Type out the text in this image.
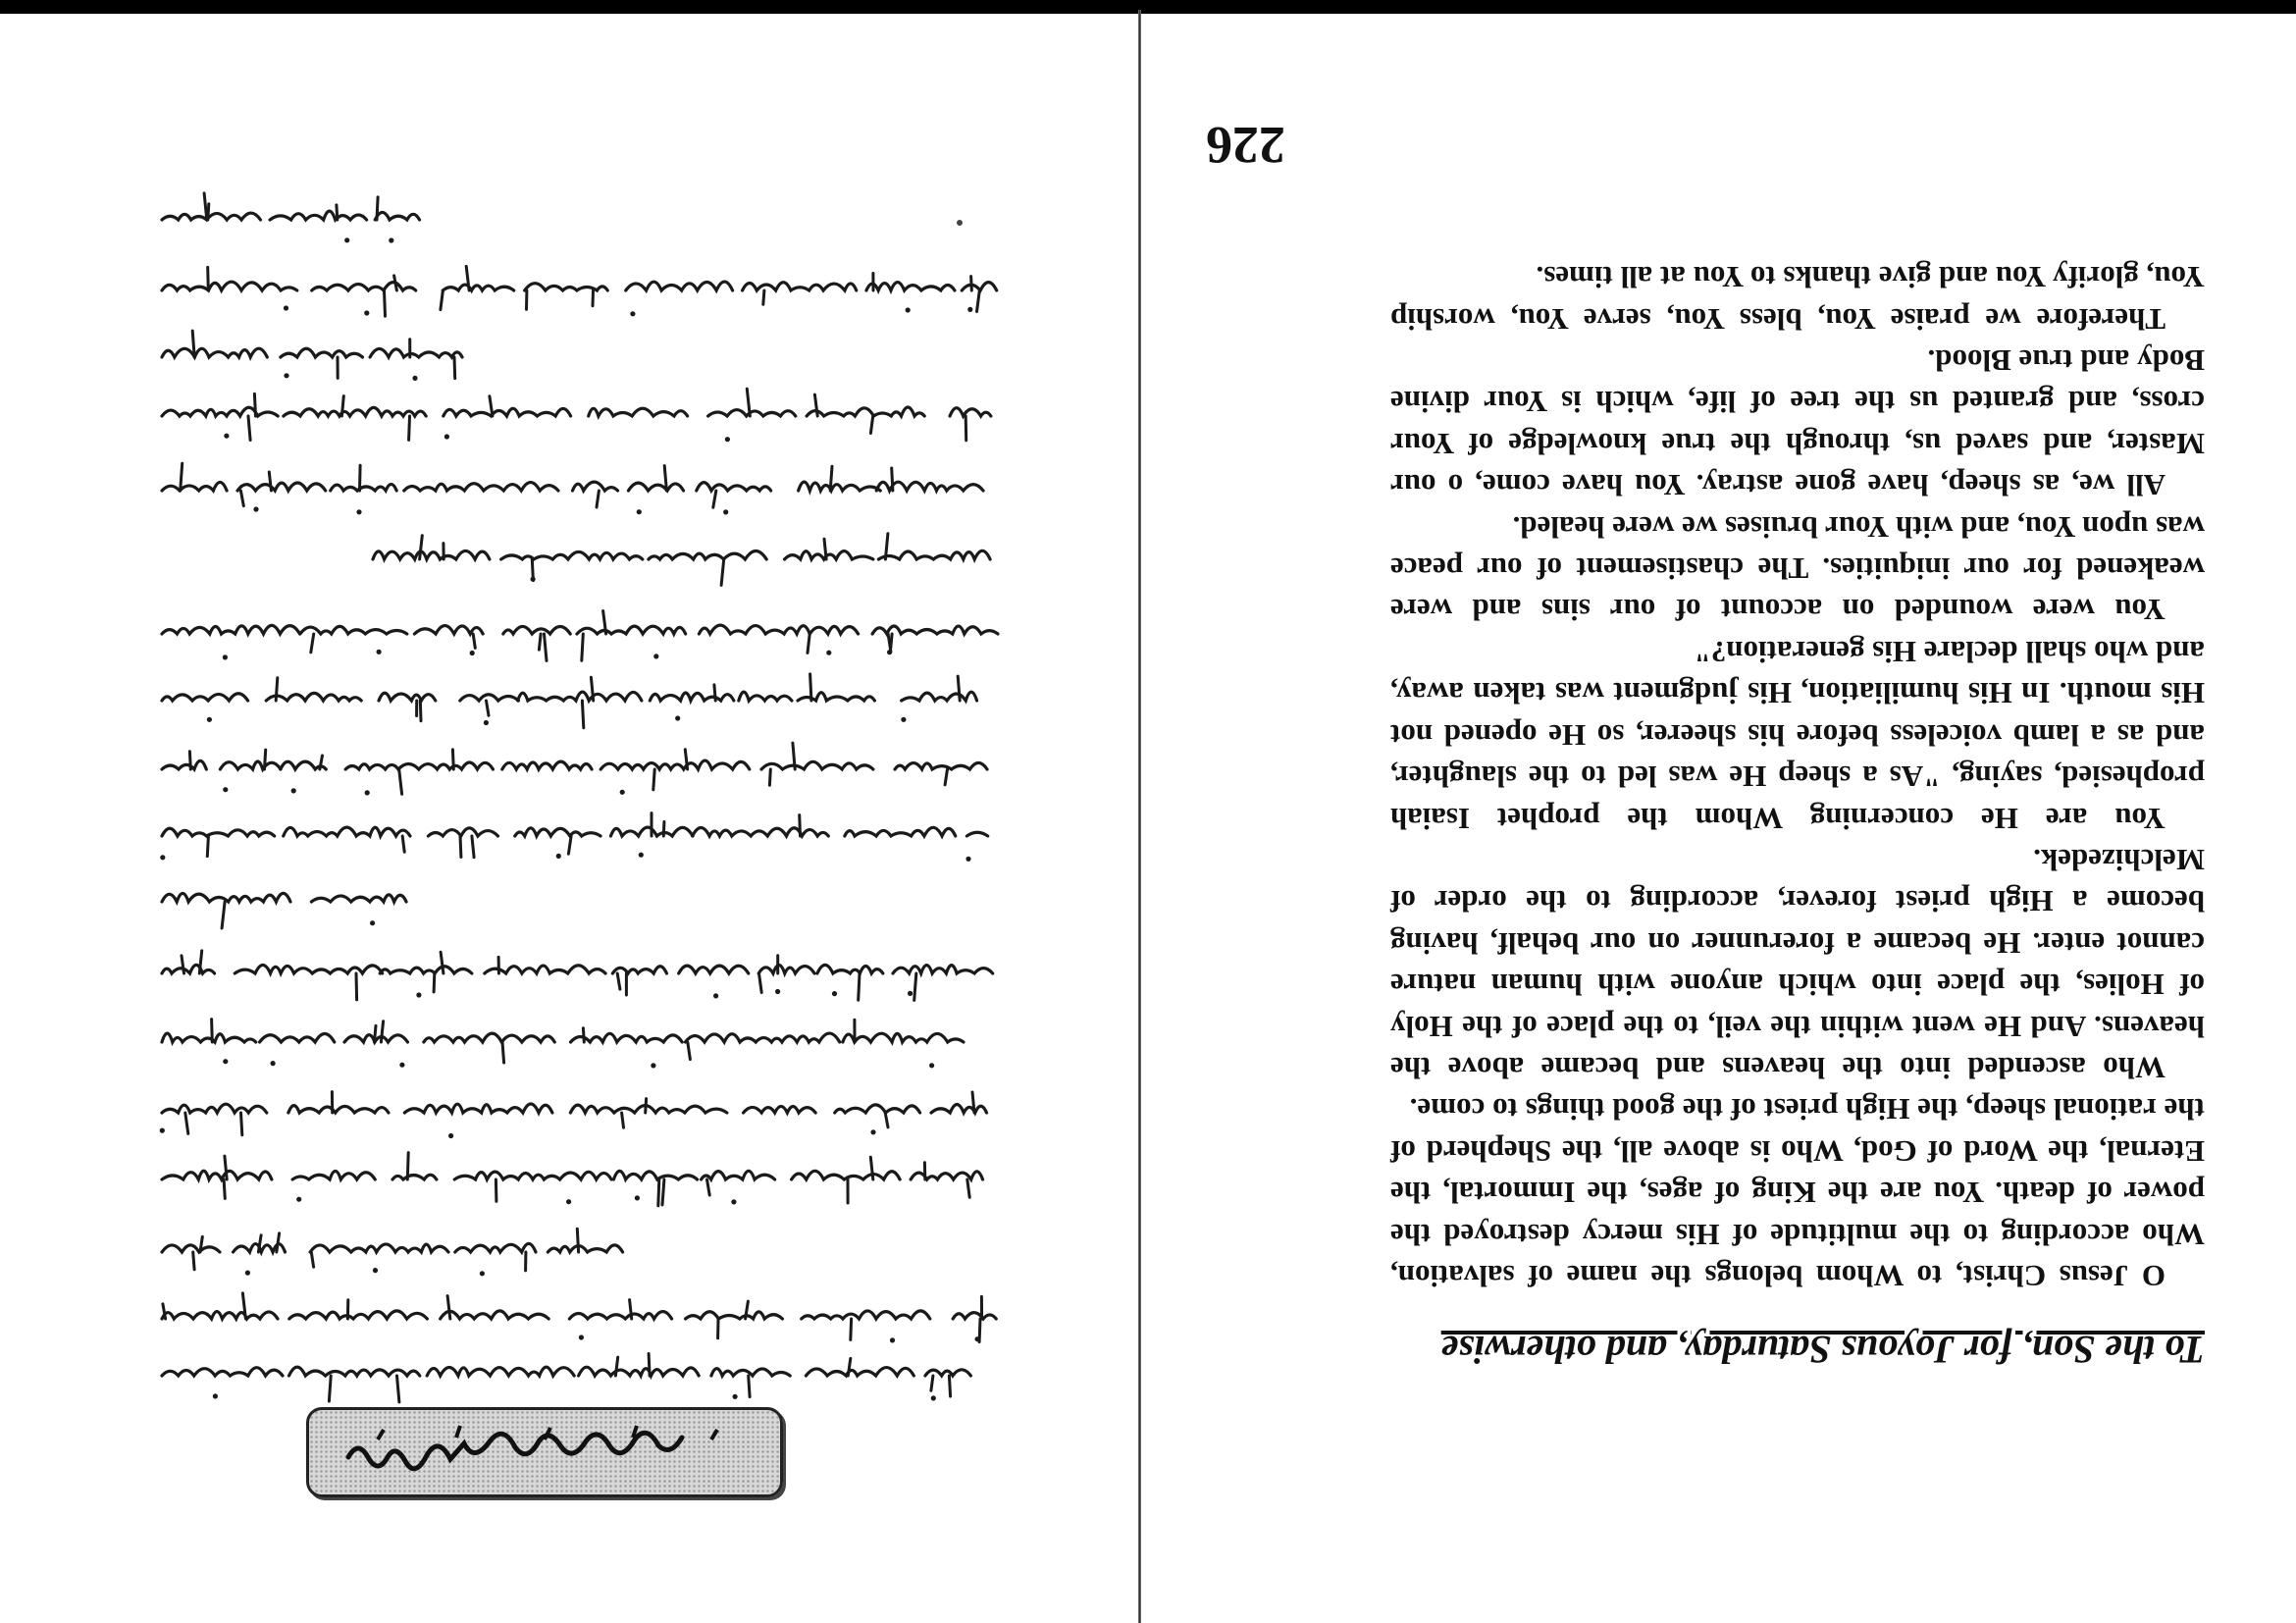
226
To the Son, for Joyous Saturday, and otherwise

O Jesus Christ, to Whom belongs the name of salvation, Who according to the multitude of His mercy destroyed the power of death. You are the King of ages, the Immortal, the Eternal, the Word of God, Who is above all, the Shepherd of the rational sheep, the High priest of the good things to come.

Who ascended into the heavens and became above the heavens. And He went within the veil, to the place of the Holy of Holies, the place into which anyone with human nature cannot enter. He became a forerunner on our behalf, having become a High priest forever, according to the order of Melchizedek.

You are He concerning Whom the prophet Isaiah prophesied, saying, "As a sheep He was led to the slaughter, and as a lamb voiceless before his sheerer, so He opened not His mouth. In His humiliation, His judgment was taken away, and who shall declare His generation?"

You were wounded on account of our sins and were weakened for our iniquities. The chastisement of our peace was upon You, and with Your bruises we were healed.

All we, as sheep, have gone astray. You have come, o our Master, and saved us, through the true knowledge of Your cross, and granted us the tree of life, which is Your divine Body and true Blood.

Therefore we praise You, bless You, serve You, worship You, glorify You and give thanks to You at all times.
